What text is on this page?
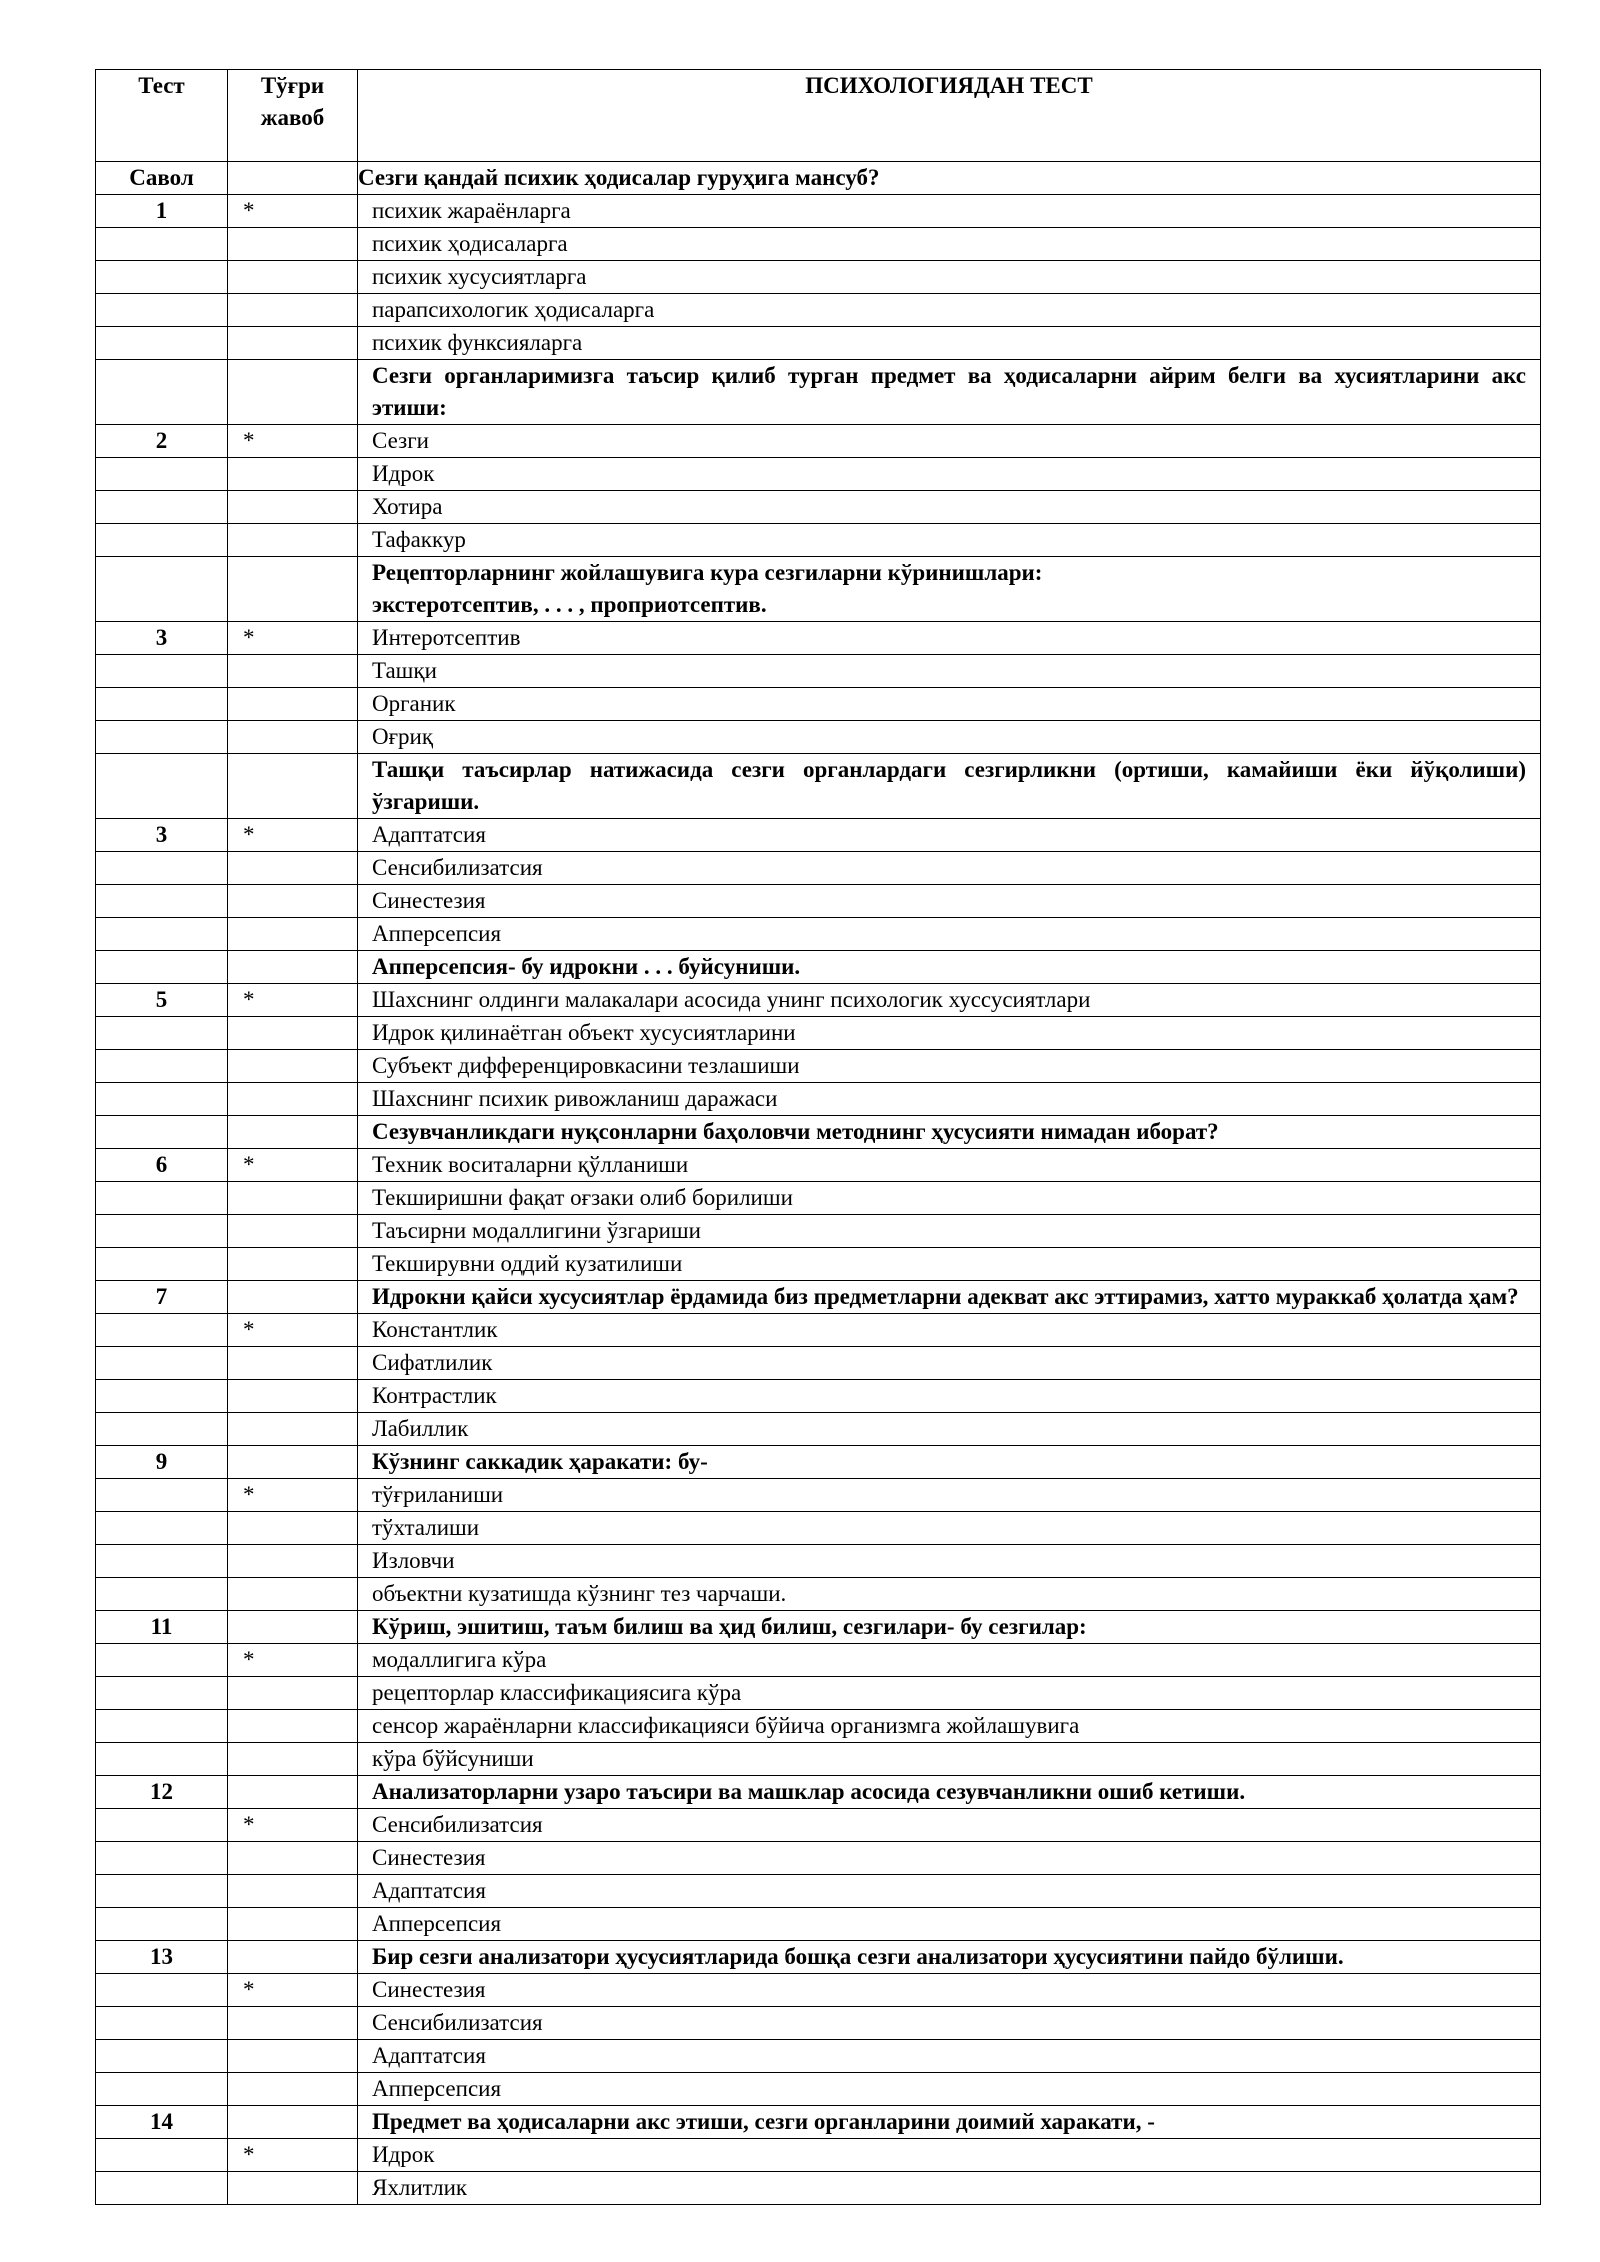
Тест	Тўғри жавоб	ПСИХОЛОГИЯДАН ТЕСТ
Савол		Сезги қандай психик ҳодисалар гуруҳига мансуб?
1	*	психик жараёнларга
		психик ҳодисаларга
		психик хусусиятларга
		парапсихологик ҳодисаларга
		психик функсияларга
		Сезги органларимизга таъсир қилиб турган предмет ва ҳодисаларни айрим белги ва хусиятларини акс этиши:
2	*	Сезги
		Идрок
		Хотира
		Тафаккур
		Рецепторларнинг жойлашувига кура сезгиларни кўринишлари:
экстеротсептив, . . . , проприотсептив.
3	*	Интеротсептив
		Ташқи
		Органик
		Оғриқ
		Ташқи таъсирлар натижасида сезги органлардаги сезгирликни (ортиши, камайиши ёки йўқолиши) ўзгариши.
3	*	Адаптатсия
		Сенсибилизатсия
		Синестезия
		Апперсепсия
		Апперсепсия- бу идрокни . . . буйсуниши.
5	*	Шахснинг олдинги малакалари асосида унинг психологик хуссусиятлари
		Идрок қилинаётган объект хусусиятларини
		Субъект дифференцировкасини тезлашиши
		Шахснинг психик ривожланиш даражаси
		Сезувчанликдаги нуқсонларни баҳоловчи методнинг ҳусусияти нимадан иборат?
6	*	Техник воситаларни қўлланиши
		Текширишни фақат оғзаки олиб борилиши
		Таъсирни модаллигини ўзгариши
		Текширувни оддий кузатилиши
7		Идрокни қайси хусусиятлар ёрдамида биз предметларни адекват акс эттирамиз, хатто мураккаб ҳолатда ҳам?
	*	Константлик
		Сифатлилик
		Контрастлик
		Лабиллик
9		Кўзнинг саккадик ҳаракати: бу-
	*	тўғриланиши
		тўхталиши
		Изловчи
		объектни кузатишда кўзнинг тез чарчаши.
11		Кўриш, эшитиш, таъм билиш ва ҳид билиш, сезгилари- бу сезгилар:
	*	модаллигига кўра
		рецепторлар классификациясига кўра
		сенсор жараёнларни классификацияси бўйича организмга жойлашувига
		кўра бўйсуниши
12		Анализаторларни узаро таъсири ва машклар асосида сезувчанликни ошиб кетиши.
	*	Сенсибилизатсия
		Синестезия
		Адаптатсия
		Апперсепсия
13		Бир сезги анализатори ҳусусиятларида бошқа сезги анализатори ҳусусиятини пайдо бўлиши.
	*	Синестезия
		Сенсибилизатсия
		Адаптатсия
		Апперсепсия
14		Предмет ва ҳодисаларни акс этиши, сезги органларини доимий харакати, -
	*	Идрок
		Яхлитлик
